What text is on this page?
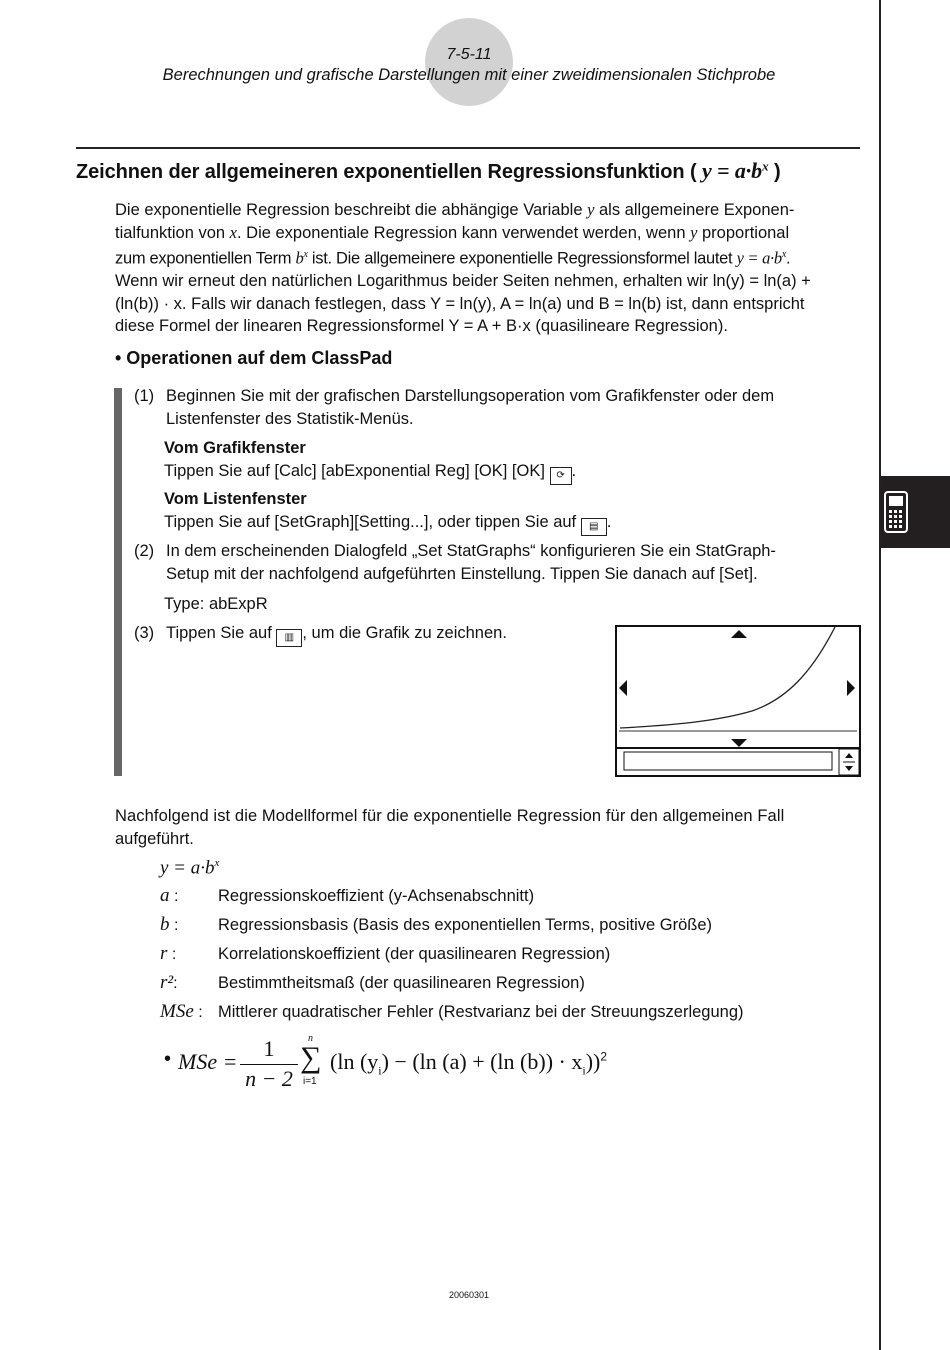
7-5-11
Berechnungen und grafische Darstellungen mit einer zweidimensionalen Stichprobe
Zeichnen der allgemeineren exponentiellen Regressionsfunktion ( $y = a\cdot b^x$ )

Die exponentielle Regression beschreibt die abhängige Variable y als allgemeinere Exponen-

tialfunktion von x. Die exponentiale Regression kann verwendet werden, wenn y proportional

zum exponentiellen Term $b^x$ ist. Die allgemeinere exponentielle Regressionsformel lautet $y = a\cdot b^x$.

Wenn wir erneut den natürlichen Logarithmus beider Seiten nehmen, erhalten wir ln(y) = ln(a) +

(ln(b)) · x. Falls wir danach festlegen, dass Y = ln(y), A = ln(a) und B = ln(b) ist, dann entspricht

diese Formel der linearen Regressionsformel Y = A + B·x (quasilineare Regression).

• Operationen auf dem ClassPad
(1) Beginnen Sie mit der grafischen Darstellungsoperation vom Grafikfenster oder dem
Listenfenster des Statistik-Menüs.
Vom Grafikfenster
Tippen Sie auf [Calc] [abExponential Reg] [OK] [OK] ⟳ .
Vom Listenfenster
Tippen Sie auf [SetGraph][Setting...], oder tippen Sie auf ▤ .
(2) In dem erscheinenden Dialogfeld „Set StatGraphs“ konfigurieren Sie ein StatGraph-
Setup mit der nachfolgend aufgeführten Einstellung. Tippen Sie danach auf [Set].
Type: abExpR
(3) Tippen Sie auf ▥ , um die Grafik zu zeichnen.
Nachfolgend ist die Modellformel für die exponentielle Regression für den allgemeinen Fall
aufgeführt.
$y = a\cdot b^x$
a : Regressionskoeffizient (y-Achsenabschnitt)
b : Regressionsbasis (Basis des exponentiellen Terms, positive Größe)
r :	Korrelationskoeffizient (der quasilinearen Regression)
r²: Bestimmtheitsmaß (der quasilinearen Regression)
MSe : Mittlerer quadratischer Fehler (Restvarianz bei der Streuungszerlegung)
• MSe =
1
n − 2
n
∑
i=1
(ln $(y_i) - (\ln$ (a) + (ln $(b)) \cdot x_i))^2$
20060301
